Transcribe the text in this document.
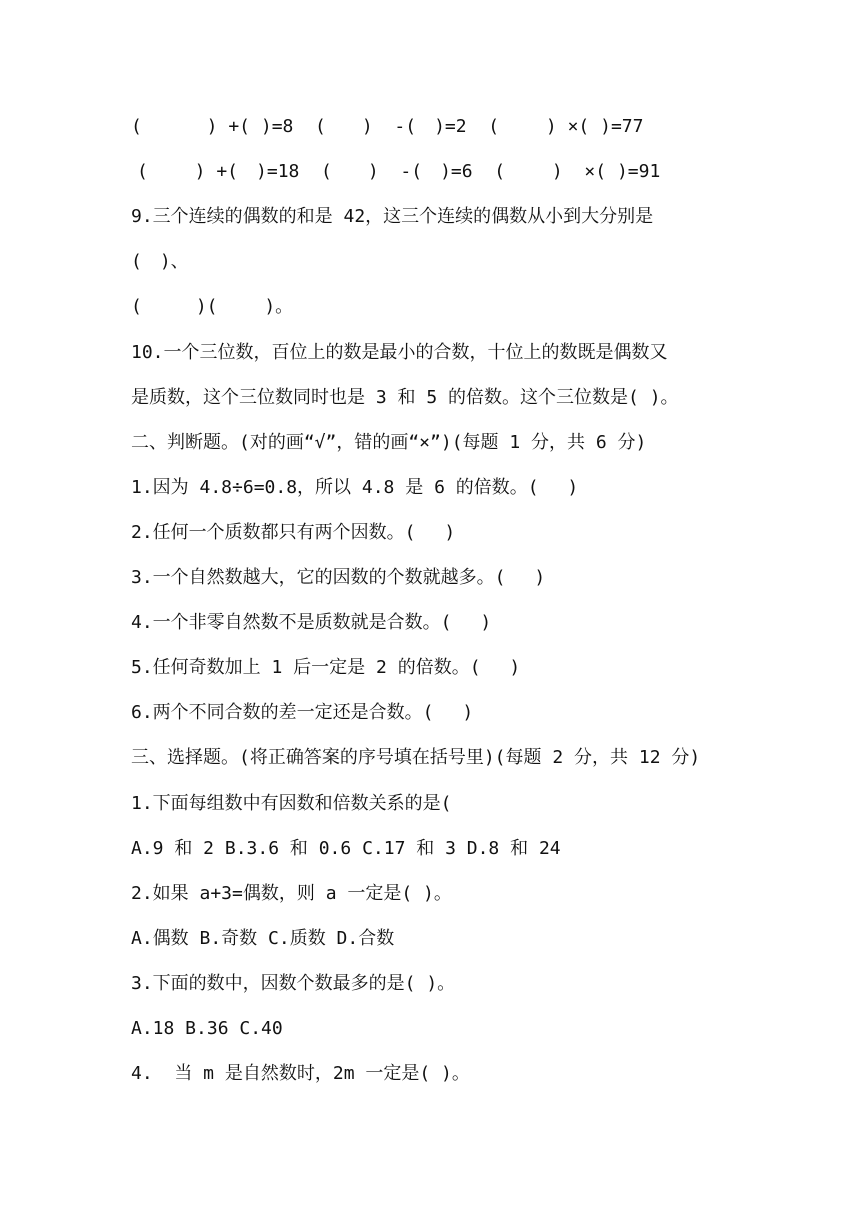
(　　　 ) +( )=8  (　　)  -(　)=2  (　　 ) ×( )=77
(　　 ) +(　)=18  (　　)  -(　)=6  (　　 )  ×( )=91
9.三个连续的偶数的和是 42，这三个连续的偶数从小到大分别是
(　)、
(　　　)(　　 )。
10.一个三位数，百位上的数是最小的合数，十位上的数既是偶数又
是质数，这个三位数同时也是 3 和 5 的倍数。这个三位数是( )。
二、判断题。(对的画“√”，错的画“×”)(每题 1 分，共 6 分)
1.因为 4.8÷6=0.8，所以 4.8 是 6 的倍数。(　 )
2.任何一个质数都只有两个因数。(　 )
3.一个自然数越大，它的因数的个数就越多。(　 )
4.一个非零自然数不是质数就是合数。(　 )
5.任何奇数加上 1 后一定是 2 的倍数。(　 )
6.两个不同合数的差一定还是合数。(　 )
三、选择题。(将正确答案的序号填在括号里)(每题 2 分，共 12 分)
1.下面每组数中有因数和倍数关系的是(
A.9 和 2 B.3.6 和 0.6 C.17 和 3 D.8 和 24
2.如果 a+3=偶数，则 a 一定是( )。
A.偶数 B.奇数 C.质数 D.合数
3.下面的数中，因数个数最多的是( )。
A.18 B.36 C.40
4.  当 m 是自然数时，2m 一定是( )。
